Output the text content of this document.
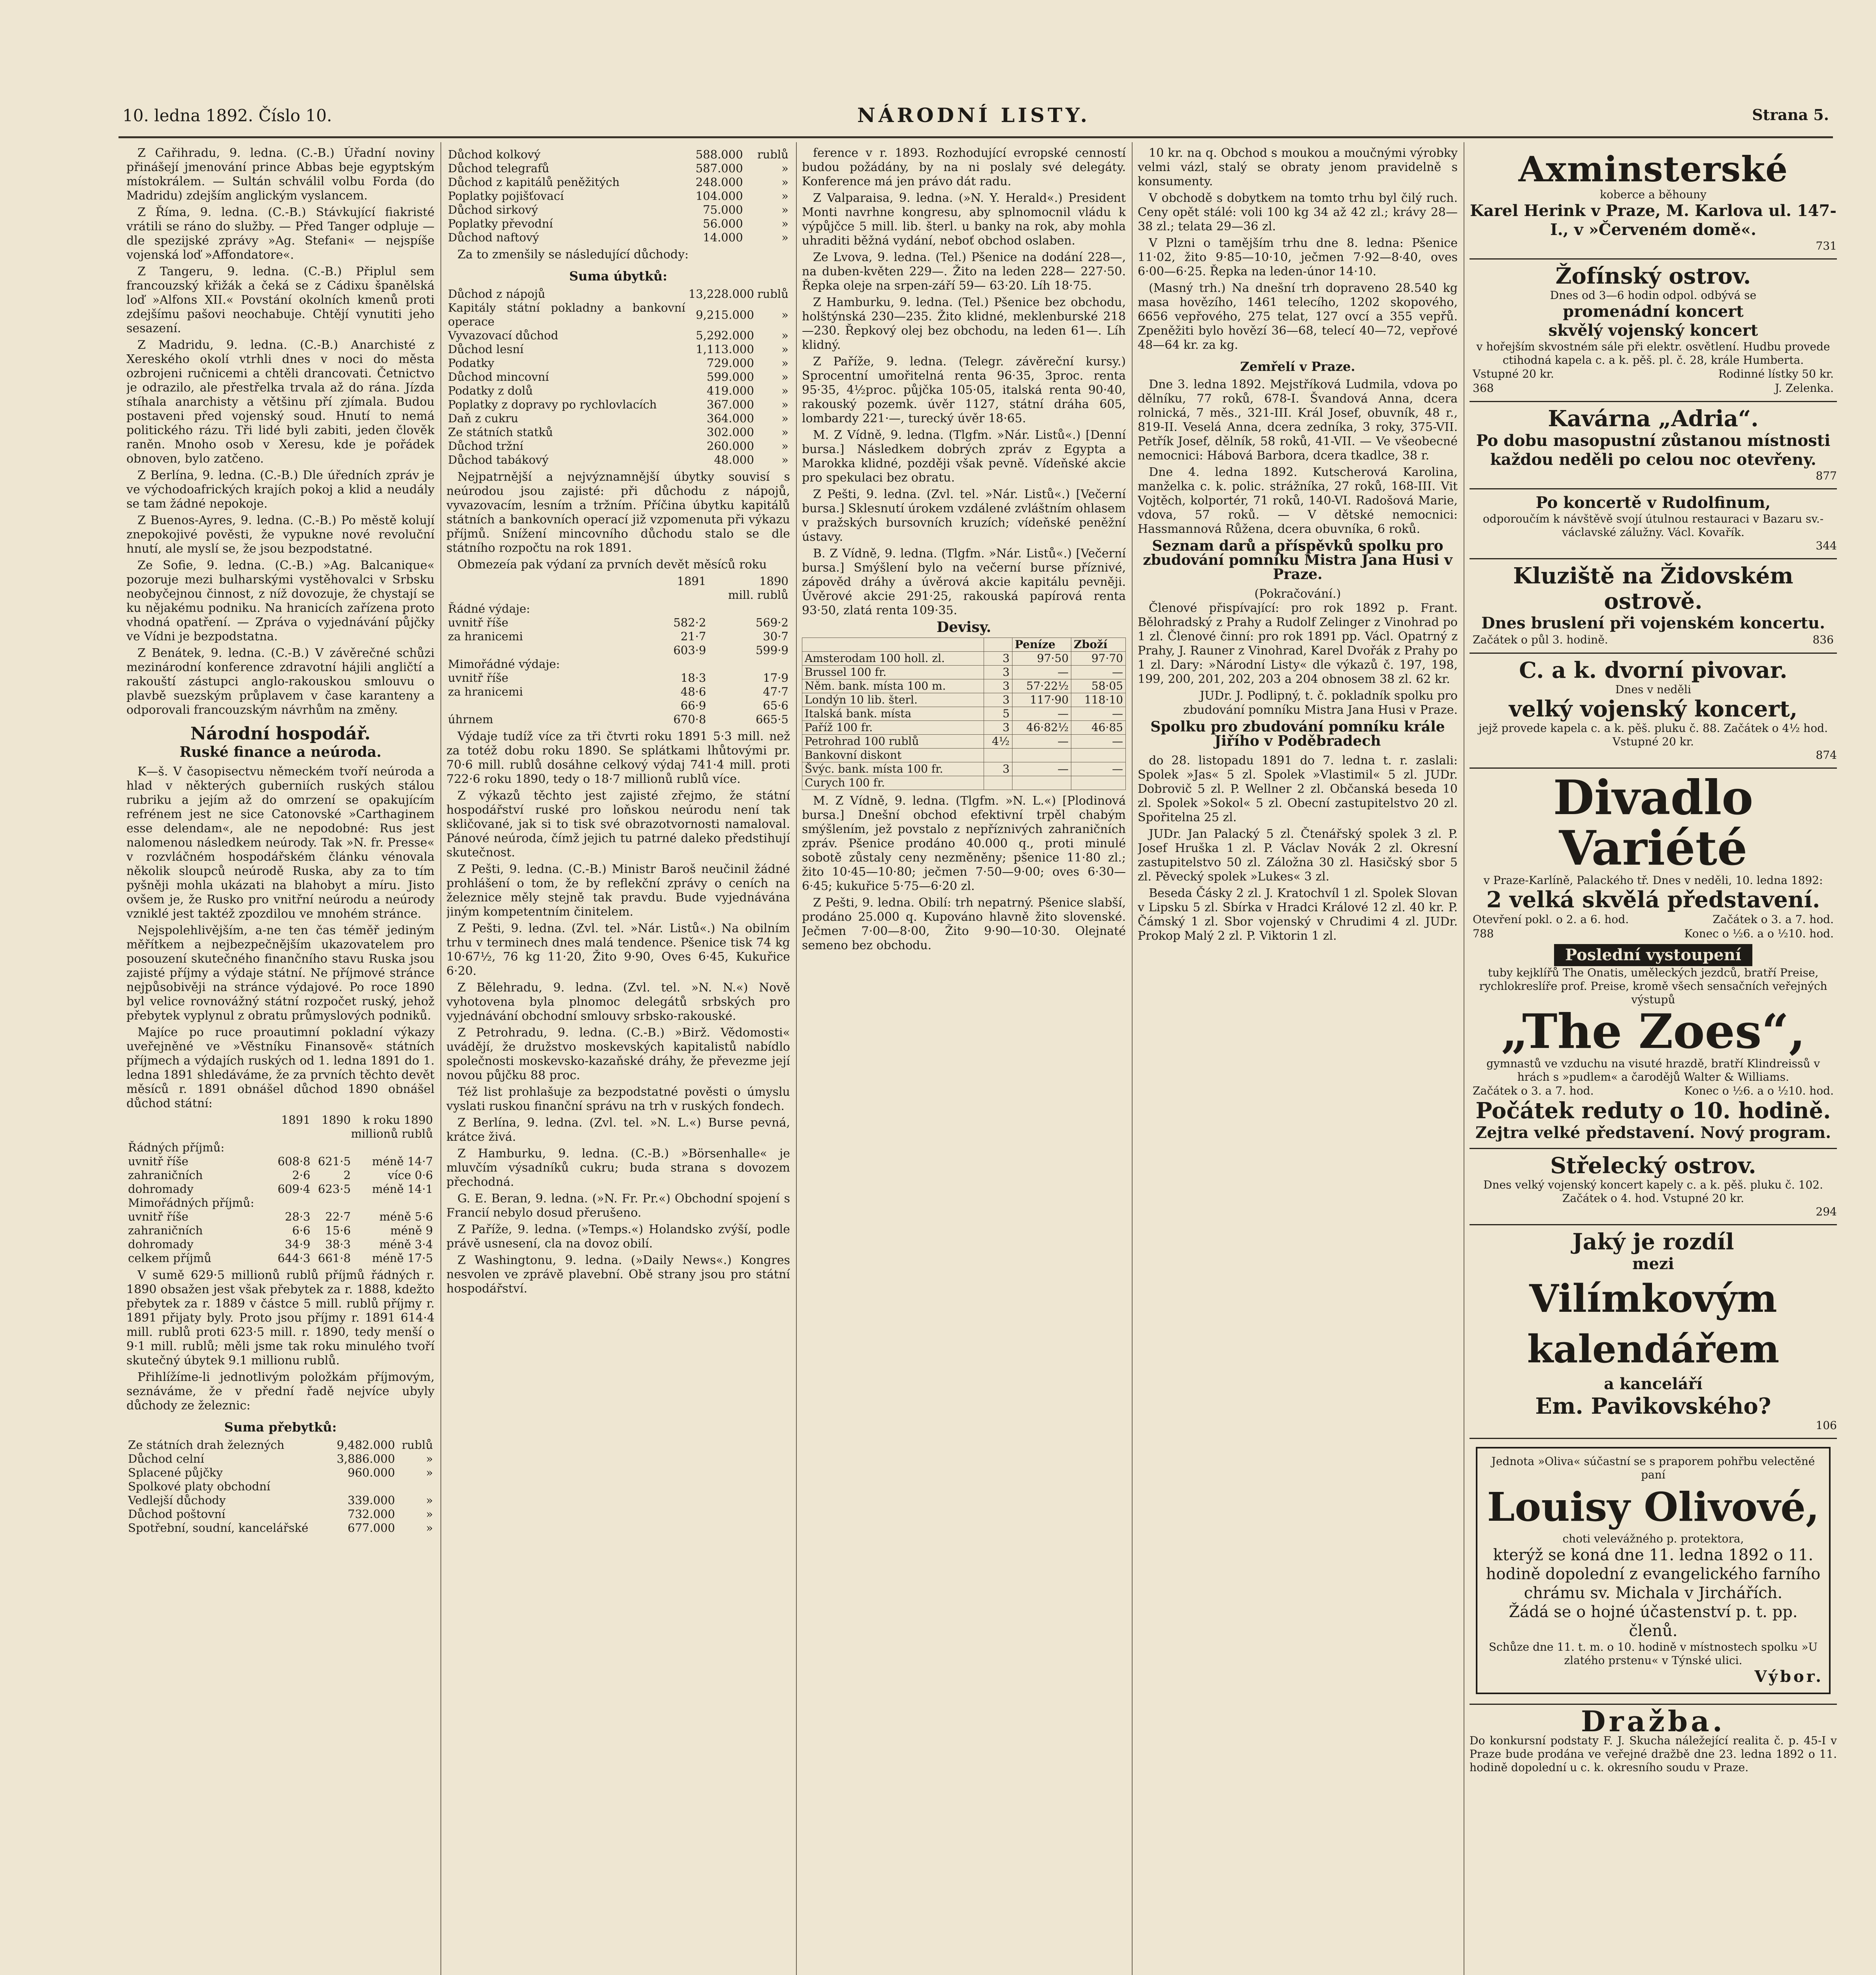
10. ledna 1892. Číslo 10.	NÁRODNÍ LISTY.	Strana 5.

Z Cařihradu, 9. ledna. (C.-B.) Úřadní noviny přinášejí jmenování prince Abbas beje egyptským místokrálem. — Sultán schválil volbu Forda (do Madridu) zdejším anglickým vyslancem.

Z Říma, 9. ledna. (C.-B.) Stávkující fiakristé vrátili se ráno do služby. — Před Tanger odpluje — dle spezijské zprávy »Ag. Stefani« — nejspíše vojenská loď »Affondatore«.

Z Tangeru, 9. ledna. (C.-B.) Připlul sem francouzský křižák a čeká se z Cádixu španělská loď »Alfons XII.« Povstání okolních kmenů proti zdejšímu pašovi neochabuje. Chtějí vynutiti jeho sesazení.

Z Madridu, 9. ledna. (C.-B.) Anarchisté z Xereského okolí vtrhli dnes v noci do města ozbrojeni ručnicemi a chtěli drancovati. Četnictvo je odrazilo, ale přestřelka trvala až do rána. Jízda stíhala anarchisty a většinu pří zjímala. Budou postaveni před vojenský soud. Hnutí to nemá politického rázu. Tři lidé byli zabiti, jeden člověk raněn. Mnoho osob v Xeresu, kde je pořádek obnoven, bylo zatčeno.

Z Berlína, 9. ledna. (C.-B.) Dle úředních zpráv je ve východoafrických krajích pokoj a klid a neudály se tam žádné nepokoje.

Z Buenos-Ayres, 9. ledna. (C.-B.) Po městě kolují znepokojivé pověsti, že vypukne nové revoluční hnutí, ale myslí se, že jsou bezpodstatné.

Ze Sofie, 9. ledna. (C.-B.) »Ag. Balcanique« pozoruje mezi bulharskými vystěhovalci v Srbsku neobyčejnou činnost, z níž dovozuje, že chystají se ku nějakému podniku. Na hranicích zařízena proto vhodná opatření. — Zpráva o vyjednávání půjčky ve Vídni je bezpodstatna.

Z Benátek, 9. ledna. (C.-B.) V závěrečné schůzi mezinárodní konference zdravotní hájili angličtí a rakouští zástupci anglo-rakouskou smlouvu o plavbě suezským průplavem v čase karanteny a odporovali francouzským návrhům na změny.

Národní hospodář.
Ruské finance a neúroda.

K—š. V časopisectvu německém tvoří neúroda a hlad v některých guberniích ruských stálou rubriku a jejím až do omrzení se opakujícím refrénem jest ne sice Catonovské »Carthaginem esse delendam«, ale ne nepodobné: Rus jest nalomenou následkem neúrody. Tak »N. fr. Presse« v rozvláčném hospodářském článku vénovala několik sloupců neúrodě Ruska, aby za to tím pyšněji mohla ukázati na blahobyt a míru. Jisto ovšem je, že Rusko pro vnitřní neúrodu a neúrody vzniklé jest taktéž zpozdilou ve mnohém stránce.

Nejspolehlivějším, a-ne ten čas téměř jediným měřítkem a nejbezpečnějším ukazovatelem pro posouzení skutečného finančního stavu Ruska jsou zajisté příjmy a výdaje státní. Ne příjmové stránce nejpůsobivěji na stránce výdajové. Po roce 1890 byl velice rovnovážný státní rozpočet ruský, jehož přebytek vyplynul z obratu průmyslových podniků.

Majíce po ruce proautimní pokladní výkazy uveřejněné ve »Věstníku Finansově« státních příjmech a výdajích ruských od 1. ledna 1891 do 1. ledna 1891 shledáváme, že za prvních těchto devět měsíců r. 1891 obnášel důchod 1890 obnášel důchod státní:

	1891	1890	k roku 1890
millionů rublů			
Řádných příjmů:			
uvnitř říše	608·8	621·5	méně 14·7
zahraničních	2·6	2	více 0·6
dohromady	609·4	623·5	méně 14·1
Mimořádných příjmů:			
uvnitř říše	28·3	22·7	méně 5·6
zahraničních	6·6	15·6	méně 9
dohromady	34·9	38·3	méně 3·4
celkem příjmů	644·3	661·8	méně 17·5

V sumě 629·5 millionů rublů příjmů řádných r. 1890 obsažen jest však přebytek za r. 1888, kdežto přebytek za r. 1889 v částce 5 mill. rublů příjmy r. 1891 přijaty byly. Proto jsou příjmy r. 1891 614·4 mill. rublů proti 623·5 mill. r. 1890, tedy menší o 9·1 mill. rublů; měli jsme tak roku minulého tvoří skutečný úbytek 9.1 millionu rublů.

Přihlížíme-li jednotlivým položkám příjmovým, seznáváme, že v přední řadě nejvíce ubyly důchody ze železnic:

Suma přebytků:
Ze státních drah železných	9,482.000	rublů
Důchod celní	3,886.000	»
Splacené půjčky	960.000	»
Spolkové platy obchodní		
Vedlejší důchody	339.000	»
Důchod poštovní	732.000	»
Spotřební, soudní, kancelářské	677.000	»
Důchod kolkový	588.000	rublů
Důchod telegrafů	587.000	»
Důchod z kapitálů peněžitých	248.000	»
Poplatky pojišťovací	104.000	»
Důchod sirkový	75.000	»
Poplatky převodní	56.000	»
Důchod naftový	14.000	»

Za to zmenšily se následující důchody:

Suma úbytků:
Důchod z nápojů	13,228.000	rublů
Kapitály státní pokladny a bankovní operace	9,215.000	»
Vyvazovací důchod	5,292.000	»
Důchod lesní	1,113.000	»
Podatky	729.000	»
Důchod mincovní	599.000	»
Podatky z dolů	419.000	»
Poplatky z dopravy po rychlovlacích	367.000	»
Daň z cukru	364.000	»
Ze státních statků	302.000	»
Důchod tržní	260.000	»
Důchod tabákový	48.000	»

Nejpatrnější a nejvýznamnější úbytky souvisí s neúrodou jsou zajisté: při důchodu z nápojů, vyvazovacím, lesním a tržním. Příčina úbytku kapitálů státních a bankovních operací již vzpomenuta při výkazu příjmů. Snížení mincovního důchodu stalo se dle státního rozpočtu na rok 1891.

Obmezeía pak výdaní za prvních devět měsíců roku

	1891	1890
mill. rublů		
Řádné výdaje:		
uvnitř říše	582·2	569·2
za hranicemi	21·7	30·7
	603·9	599·9
Mimořádné výdaje:		
uvnitř říše	18·3	17·9
za hranicemi	48·6	47·7
	66·9	65·6
úhrnem	670·8	665·5

Výdaje tudíž více za tři čtvrti roku 1891 5·3 mill. než za totéž dobu roku 1890. Se splátkami lhůtovými pr. 70·6 mill. rublů dosáhne celkový výdaj 741·4 mill. proti 722·6 roku 1890, tedy o 18·7 millionů rublů více.

Z výkazů těchto jest zajisté zřejmo, že státní hospodářství ruské pro loňskou neúrodu není tak skličované, jak si to tisk své obrazotvornosti namaloval. Pánové neúroda, čímž jejich tu patrné daleko předstihují skutečnost.

Z Pešti, 9. ledna. (C.-B.) Ministr Baroš neučinil žádné prohlášení o tom, že by reflekční zprávy o ceních na železnice měly stejně tak pravdu. Bude vyjednávána jiným kompetentním činitelem.

Z Pešti, 9. ledna. (Zvl. tel. »Nár. Listů«.) Na obilním trhu v terminech dnes malá tendence. Pšenice tisk 74 kg 10·67½, 76 kg 11·20, Žito 9·90, Oves 6·45, Kukuřice 6·20.

Z Bělehradu, 9. ledna. (Zvl. tel. »N. N.«) Nově vyhotovena byla plnomoc delegátů srbských pro vyjednávání obchodní smlouvy srbsko-rakouské.

Z Petrohradu, 9. ledna. (C.-B.) »Birž. Vědomosti« uvádějí, že družstvo moskevských kapitalistů nabídlo společnosti moskevsko-kazaňské dráhy, že převezme její novou půjčku 88 proc.

Též list prohlašuje za bezpodstatné pověsti o úmyslu vyslati ruskou finanční správu na trh v ruských fondech.

Z Berlína, 9. ledna. (Zvl. tel. »N. L.«) Burse pevná, krátce živá.

Z Hamburku, 9. ledna. (C.-B.) »Börsenhalle« je mluvčím výsadníků cukru; buda strana s dovozem přechodná.

G. E. Beran, 9. ledna. (»N. Fr. Pr.«) Obchodní spojení s Francií nebylo dosud přerušeno.

Z Paříže, 9. ledna. (»Temps.«) Holandsko zvýší, podle právě usnesení, cla na dovoz obilí.

Z Washingtonu, 9. ledna. (»Daily News«.) Kongres nesvolen ve zprávě plavební. Obě strany jsou pro státní hospodářství.

ference v r. 1893. Rozhodující evropské cenností budou požádány, by na ni poslaly své delegáty. Konference má jen právo dát radu.

Z Valparaisa, 9. ledna. (»N. Y. Herald«.) President Monti navrhne kongresu, aby splnomocnil vládu k výpůjčce 5 mill. lib. šterl. u banky na rok, aby mohla uhraditi běžná vydání, neboť obchod oslaben.

Ze Lvova, 9. ledna. (Tel.) Pšenice na dodání 228—, na duben-květen 229—. Žito na leden 228— 227·50. Řepka oleje na srpen-září 59— 63·20. Líh 18·75.

Z Hamburku, 9. ledna. (Tel.) Pšenice bez obchodu, holštýnská 230—235. Žito klidné, meklenburské 218—230. Řepkový olej bez obchodu, na leden 61—. Líh klidný.

Z Paříže, 9. ledna. (Telegr. závěreční kursy.) Sprocentní umořitelná renta 96·35, 3proc. renta 95·35, 4½proc. půjčka 105·05, italská renta 90·40, rakouský pozemk. úvěr 1127, státní dráha 605, lombardy 221·—, turecký úvěr 18·65.

M. Z Vídně, 9. ledna. (Tlgfm. »Nár. Listů«.) [Denní bursa.] Následkem dobrých zpráv z Egypta a Marokka klidné, později však pevně. Vídeňské akcie pro spekulaci bez obratu.

Z Pešti, 9. ledna. (Zvl. tel. »Nár. Listů«.) [Večerní bursa.] Sklesnutí úrokem vzdálené zvláštním ohlasem v pražských bursovních kruzích; vídeňské peněžní ústavy.

B. Z Vídně, 9. ledna. (Tlgfm. »Nár. Listů«.) [Večerní bursa.] Smýšlení bylo na večerní burse příznivé, zápověd dráhy a úvěrová akcie kapitálu pevněji. Úvěrové akcie 291·25, rakouská papírová renta 93·50, zlatá renta 109·35.

Devisy.
		Peníze	Zboží
Amsterodam 100 holl. zl.	3	97·50	97·70
Brussel 100 fr.	3	—	—
Něm. bank. místa 100 m.	3	57·22½	58·05
Londýn 10 lib. šterl.	3	117·90	118·10
Italská bank. místa	5	—	—
Paříž 100 fr.	3	46·82½	46·85
Petrohrad 100 rublů	4½	—	—
Bankovní diskont			
Švýc. bank. místa 100 fr.	3	—	—
Curych 100 fr.			

M. Z Vídně, 9. ledna. (Tlgfm. »N. L.«) [Plodinová bursa.] Dnešní obchod efektivní trpěl chabým smýšlením, jež povstalo z nepříznivých zahraničních zpráv. Pšenice prodáno 40.000 q., proti minulé sobotě zůstaly ceny nezměněny; pšenice 11·80 zl.; žito 10·45—10·80; ječmen 7·50—9·00; oves 6·30—6·45; kukuřice 5·75—6·20 zl.

Z Pešti, 9. ledna. Obilí: trh nepatrný. Pšenice slabší, prodáno 25.000 q. Kupováno hlavně žito slovenské. Ječmen 7·00—8·00, Žito 9·90—10·30. Olejnaté semeno bez obchodu.

10 kr. na q. Obchod s moukou a moučnými výrobky velmi vázl, stalý se obraty jenom pravidelně s konsumenty.

V obchodě s dobytkem na tomto trhu byl čilý ruch. Ceny opět stálé: voli 100 kg 34 až 42 zl.; krávy 28—38 zl.; telata 29—36 zl.

V Plzni o tamějším trhu dne 8. ledna: Pšenice 11·02, žito 9·85—10·10, ječmen 7·92—8·40, oves 6·00—6·25. Řepka na leden-únor 14·10.

(Masný trh.) Na dnešní trh dopraveno 28.540 kg masa hovězího, 1461 telecího, 1202 skopového, 6656 vepřového, 275 telat, 127 ovcí a 355 vepřů. Zpeněžiti bylo hovězí 36—68, telecí 40—72, vepřové 48—64 kr. za kg.

Zemřelí v Praze.

Dne 3. ledna 1892. Mejstříková Ludmila, vdova po dělníku, 77 roků, 678-I. Švandová Anna, dcera rolnická, 7 měs., 321-III. Král Josef, obuvník, 48 r., 819-II. Veselá Anna, dcera zedníka, 3 roky, 375-VII. Petřík Josef, dělník, 58 roků, 41-VII. — Ve všeobecné nemocnici: Hábová Barbora, dcera tkadlce, 38 r.

Dne 4. ledna 1892. Kutscherová Karolina, manželka c. k. polic. strážníka, 27 roků, 168-III. Vit Vojtěch, kolportér, 71 roků, 140-VI. Radošová Marie, vdova, 57 roků. — V dětské nemocnici: Hassmannová Růžena, dcera obuvníka, 6 roků.

Seznam darů a příspěvků spolku pro zbudování pomníku Mistra Jana Husi v Praze.
(Pokračování.)

Členové přispívající: pro rok 1892 p. Frant. Bělohradský z Prahy a Rudolf Zelinger z Vinohrad po 1 zl. Členové činní: pro rok 1891 pp. Václ. Opatrný z Prahy, J. Rauner z Vinohrad, Karel Dvořák z Prahy po 1 zl. Dary: »Národní Listy« dle výkazů č. 197, 198, 199, 200, 201, 202, 203 a 204 obnosem 38 zl. 62 kr.

JUDr. J. Podlipný, t. č. pokladník spolku pro zbudování pomníku Mistra Jana Husi v Praze.

Spolku pro zbudování pomníku krále Jiřího v Poděbradech

do 28. listopadu 1891 do 7. ledna t. r. zaslali: Spolek »Jas« 5 zl. Spolek »Vlastimil« 5 zl. JUDr. Dobrovič 5 zl. P. Wellner 2 zl. Občanská beseda 10 zl. Spolek »Sokol« 5 zl. Obecní zastupitelstvo 20 zl. Spořitelna 25 zl.

JUDr. Jan Palacký 5 zl. Čtenářský spolek 3 zl. P. Josef Hruška 1 zl. P. Václav Novák 2 zl. Okresní zastupitelstvo 50 zl. Záložna 30 zl. Hasičský sbor 5 zl. Pěvecký spolek »Lukes« 3 zl.

Beseda Čásky 2 zl. J. Kratochvíl 1 zl. Spolek Slovan v Lipsku 5 zl. Sbírka v Hradci Králové 12 zl. 40 kr. P. Čámský 1 zl. Sbor vojenský v Chrudimi 4 zl. JUDr. Prokop Malý 2 zl. P. Viktorin 1 zl.

Axminsterské
koberce a běhouny
Karel Herink v Praze, M. Karlova ul. 147-I., v »Červeném domě«.
731
Žofínský ostrov.
Dnes od 3—6 hodin odpol. odbývá se
promenádní koncert
skvělý vojenský koncert
v hořejším skvostném sále při elektr. osvětlení. Hudbu provede ctihodná kapela c. a k. pěš. pl. č. 28, krále Humberta.
Vstupné 20 kr.	Rodinné lístky 50 kr.
368	J. Zelenka.
Kavárna „Adria“.
Po dobu masopustní zůstanou místnosti každou neděli po celou noc otevřeny.
877
Po koncertě v Rudolfinum,
odporoučím k návštěvě svojí útulnou restauraci v Bazaru sv.-václavské zálužny. Václ. Kovařík.
344
Kluziště na Židovském ostrově.
Dnes bruslení při vojenském koncertu.
Začátek o půl 3. hodině.	836
C. a k. dvorní pivovar.
Dnes v neděli
velký vojenský koncert,
jejž provede kapela c. a k. pěš. pluku č. 88. Začátek o 4½ hod. Vstupné 20 kr.
874
Divadlo Variété
v Praze-Karlíně, Palackého tř. Dnes v neděli, 10. ledna 1892:
2 velká skvělá představení.
Otevření pokl. o 2. a 6. hod.	Začátek o 3. a 7. hod.
788	Konec o ½6. a o ½10. hod.
Poslední vystoupení
tuby kejklířů The Onatis, uměleckých jezdců, bratří Preise, rychlokreslíře prof. Preise, kromě všech sensačních veřejných výstupů
„The Zoes“,
gymnastů ve vzduchu na visuté hrazdě, bratří Klindreissů v hrách s »pudlem« a čarodějů Walter & Williams.
Začátek o 3. a 7. hod.	Konec o ½6. a o ½10. hod.
Počátek reduty o 10. hodině.
Zejtra velké představení. Nový program.
Střelecký ostrov.
Dnes velký vojenský koncert kapely c. a k. pěš. pluku č. 102. Začátek o 4. hod. Vstupné 20 kr.
294
Jaký je rozdíl
mezi
Vilímkovým kalendářem
a kanceláří
Em. Pavikovského?
106
Jednota »Oliva« súčastní se s praporem pohřbu velectěné paní
Louisy Olivové,
choti velevážného p. protektora,
kterýž se koná dne 11. ledna 1892 o 11. hodině dopolední z evangelického farního chrámu sv. Michala v Jirchářích.
Žádá se o hojné účastenství p. t. pp. členů.
Schůze dne 11. t. m. o 10. hodině v místnostech spolku »U zlatého prstenu« v Týnské ulici.
Výbor.
Dražba.
Do konkursní podstaty F. J. Skucha náležející realita č. p. 45-I v Praze bude prodána ve veřejné dražbě dne 23. ledna 1892 o 11. hodině dopolední u c. k. okresního soudu v Praze.
